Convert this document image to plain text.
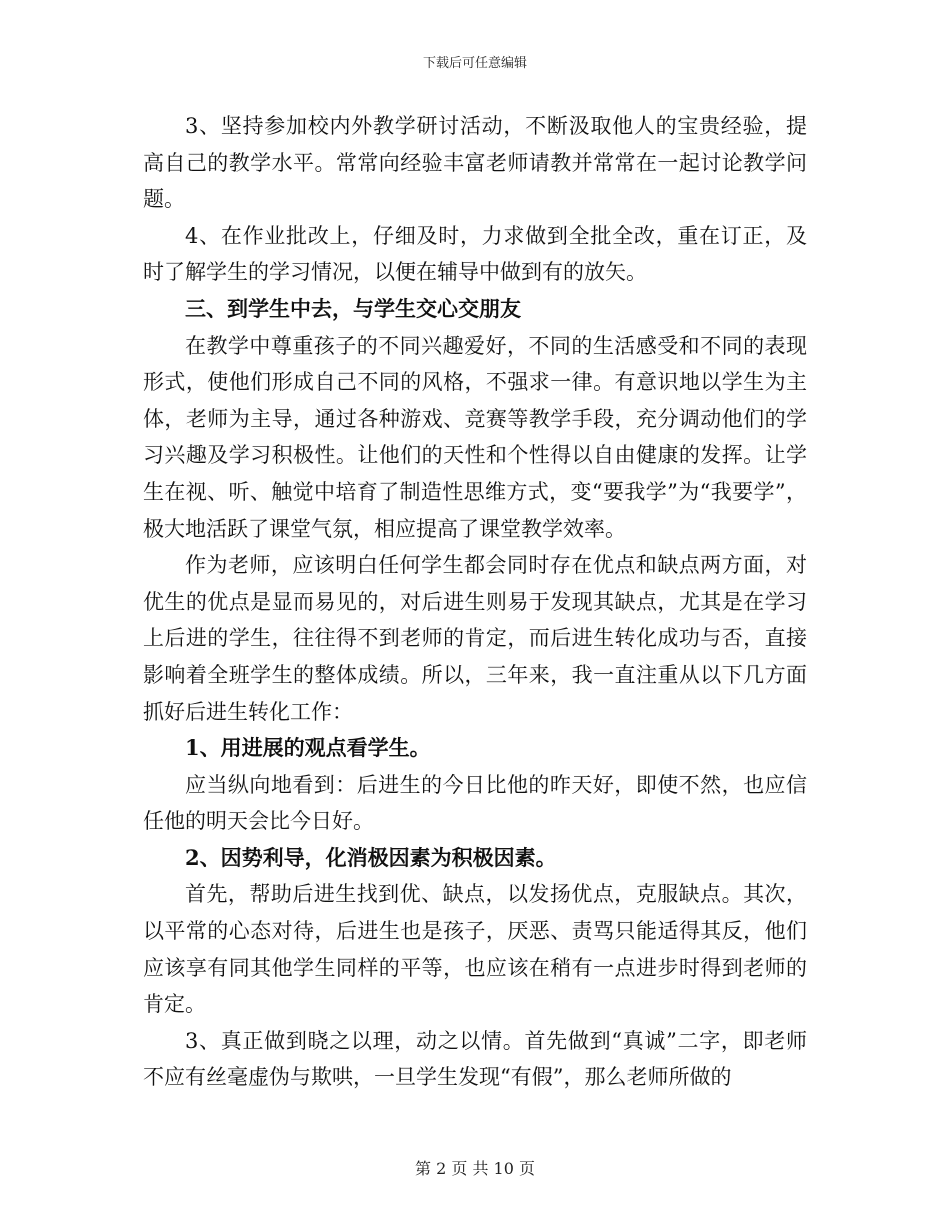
下载后可任意编辑

3、坚持参加校内外教学研讨活动，不断汲取他人的宝贵经验，提高自己的教学水平。常常向经验丰富老师请教并常常在一起讨论教学问题。

4、在作业批改上，仔细及时，力求做到全批全改，重在订正，及时了解学生的学习情况，以便在辅导中做到有的放矢。

三、到学生中去，与学生交心交朋友

在教学中尊重孩子的不同兴趣爱好，不同的生活感受和不同的表现形式，使他们形成自己不同的风格，不强求一律。有意识地以学生为主体，老师为主导，通过各种游戏、竞赛等教学手段，充分调动他们的学习兴趣及学习积极性。让他们的天性和个性得以自由健康的发挥。让学生在视、听、触觉中培育了制造性思维方式，变“要我学”为“我要学”，极大地活跃了课堂气氛，相应提高了课堂教学效率。

作为老师，应该明白任何学生都会同时存在优点和缺点两方面，对优生的优点是显而易见的，对后进生则易于发现其缺点，尤其是在学习上后进的学生，往往得不到老师的肯定，而后进生转化成功与否，直接影响着全班学生的整体成绩。所以，三年来，我一直注重从以下几方面抓好后进生转化工作：

1、用进展的观点看学生。

应当纵向地看到：后进生的今日比他的昨天好，即使不然，也应信任他的明天会比今日好。

2、因势利导，化消极因素为积极因素。

首先，帮助后进生找到优、缺点，以发扬优点，克服缺点。其次，以平常的心态对待，后进生也是孩子，厌恶、责骂只能适得其反，他们应该享有同其他学生同样的平等，也应该在稍有一点进步时得到老师的肯定。

3、真正做到晓之以理，动之以情。首先做到“真诚”二字，即老师不应有丝毫虚伪与欺哄，一旦学生发现“有假”，那么老师所做的

第 2 页 共 10 页
